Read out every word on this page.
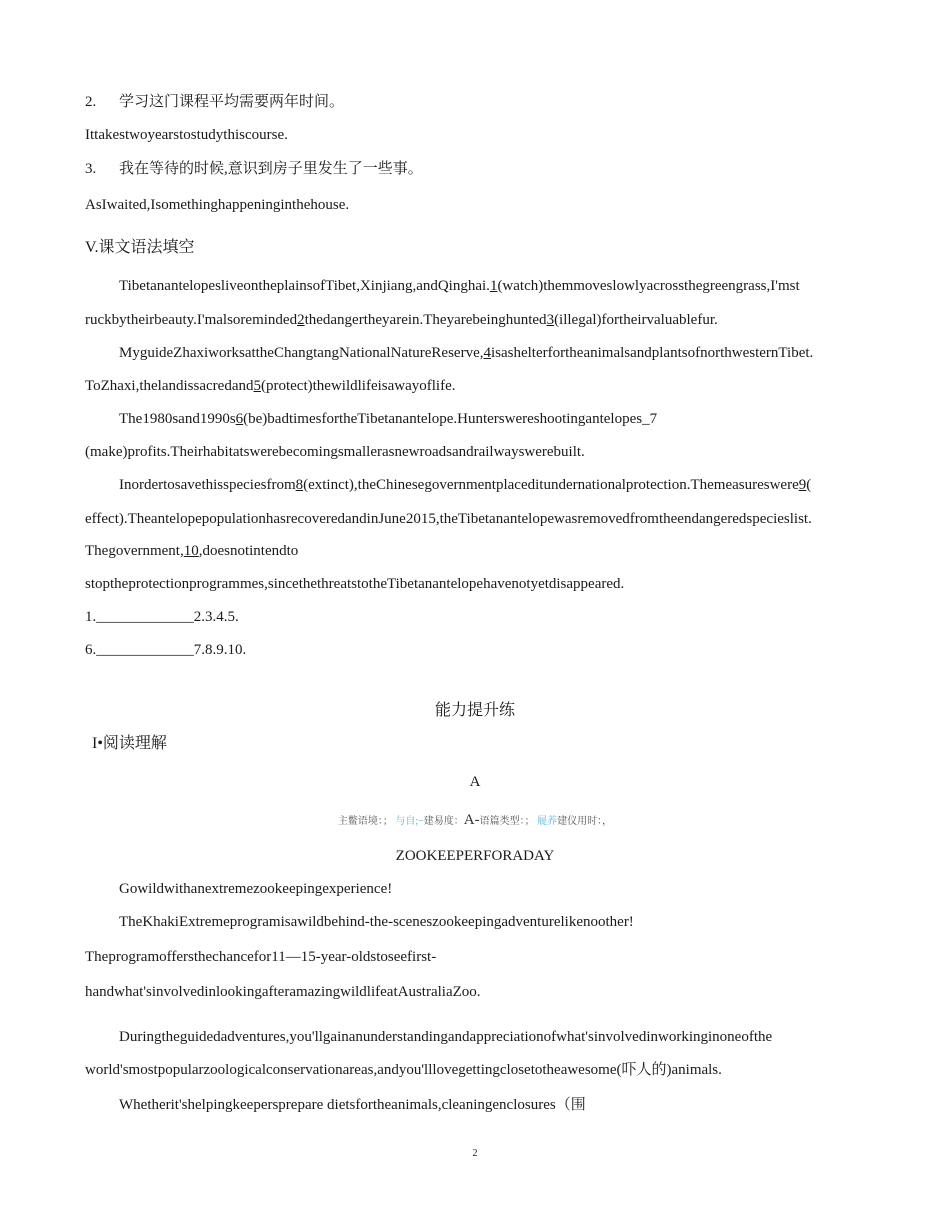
2. 学习这门课程平均需要两年时间。
Ittakestwoyearstostudythiscourse.
3. 我在等待的时候,意识到房子里发生了一些事。
AsIwaited,Isomethinghappeninginthehouse.
V.课文语法填空
TibetanantelopesliveontheplainsofTibet,Xinjiang,andQinghai.1(watch)themmoveslowlyacrossthegreengrass,I'mst
ruckbytheirbeauty.I'malsoreminded2thedangertheyarein.Theyarebeinghunted3(illegal)fortheirvaluablefur.
MyguideZhaxiworksattheChangtangNationalNatureReserve,4isashelterfortheanimalsandplantsofnorthwesternTibet.
ToZhaxi,thelandissacredand5(protect)thewildlifeisawayoflife.
The1980sand1990s6(be)badtimesfortheTibetanantelope.Hunterswereshootingantelopes_7
(make)profits.Theirhabitatswerebecomingsmallerasnewroadsandrailwayswerebuilt.
Inordertosavethisspeciesfrom8(extinct),theChinesegovernmentplaceditundernationalprotection.Themeasureswere9(
effect).TheantelopepopulationhasrecoveredandinJune2015,theTibetanantelopewasremovedfromtheendangeredspecieslist.
Thegovernment,10,doesnotintendto
stoptheprotectionprogrammes,sincethethreatstotheTibetanantelopehavenotyetdisappeared.
1._____________2.3.4.5.
6._____________7.8.9.10.
能力提升练
I•阅读理解
A
主鳖语境：； 与自;−建易度：A-语篇类型：； 屣养建仪用时：，
ZOOKEEPERFORADAY
Gowildwithanextremezookeepingexperience!
TheKhakiExtremeprogramisawildbehind-the-sceneszookeepingadventurelikenoother!
Theprogramoffersthechancefor11—15-year-oldstoseefirst-
handwhat'sinvolvedinlookingafteramazingwildlifeatAustraliaZoo.
Duringtheguidedadventures,you'llgainanunderstandingandappreciationofwhat'sinvolvedinworkinginoneofthe
world'smostpopularzoologicalconservationareas,andyou'lllovegettingclosetotheawesome(吓人的)animals.
Whetherit'shelpingkeepersprepare dietsfortheanimals,cleaningenclosures（围
2
